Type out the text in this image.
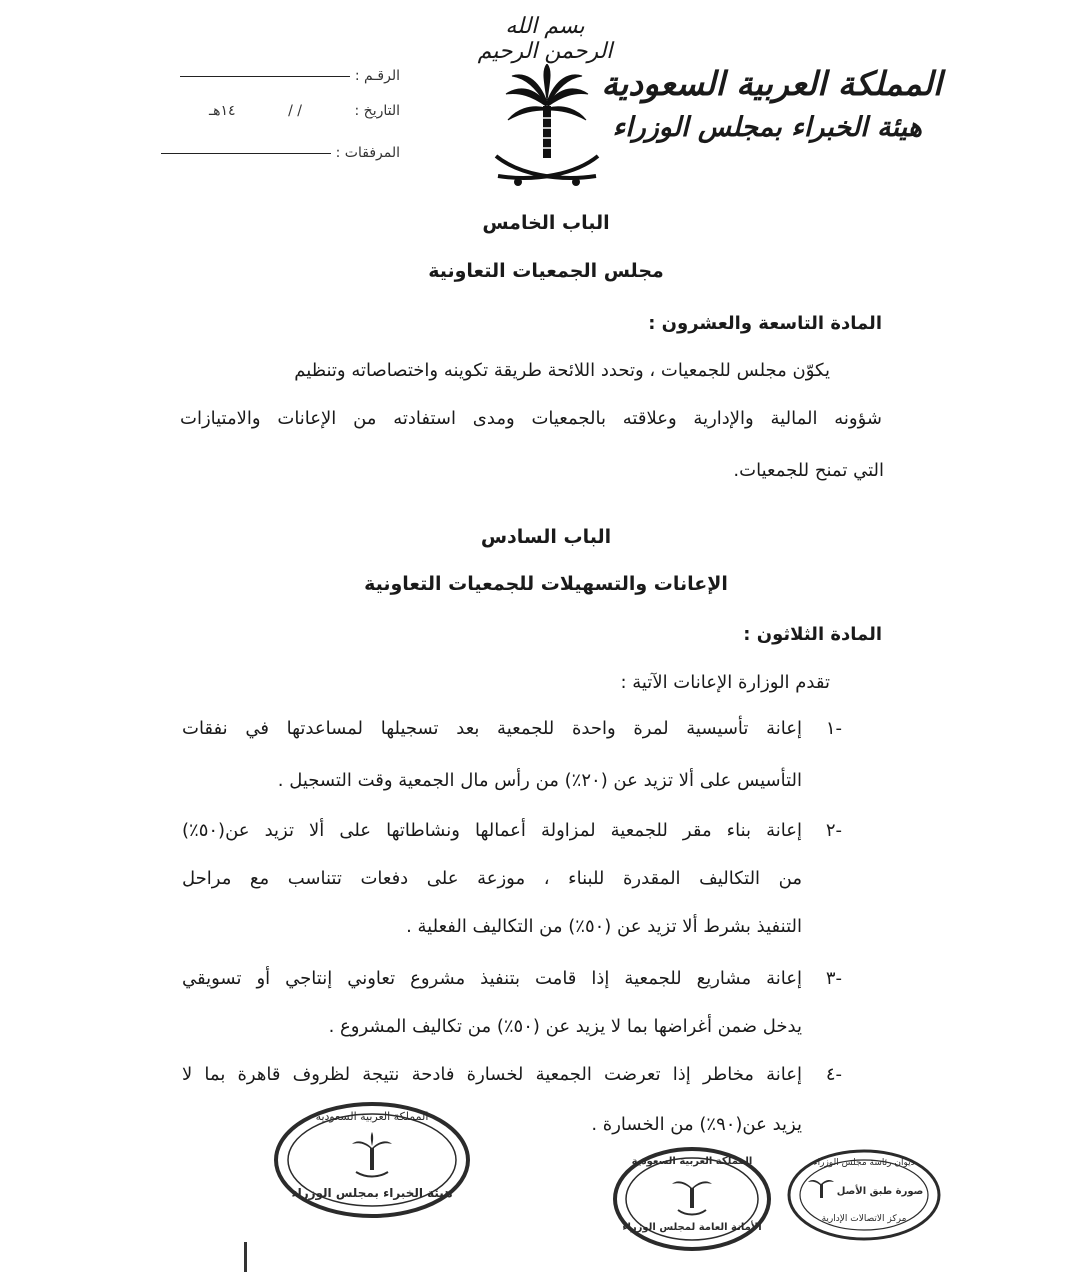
بسم الله الرحمن الرحيم
المملكة العربية السعودية
هيئة الخبراء بمجلس الوزراء
الرقـم :
التاريخ : / / ١٤هـ
المرفقات :
الباب الخامس
مجلس الجمعيات التعاونية
المادة التاسعة والعشرون :
يكوّن مجلس للجمعيات ، وتحدد اللائحة طريقة تكوينه واختصاصاته وتنظيم
شؤونه المالية والإدارية وعلاقته بالجمعيات ومدى استفادته من الإعانات والامتيازات
التي تمنح للجمعيات.
الباب السادس
الإعانات والتسهيلات للجمعيات التعاونية
المادة الثلاثون :
تقدم الوزارة الإعانات الآتية :
١-
إعانة تأسيسية لمرة واحدة للجمعية بعد تسجيلها لمساعدتها في نفقات
التأسيس على ألا تزيد عن (٢٠٪) من رأس مال الجمعية وقت التسجيل .
٢-
إعانة بناء مقر للجمعية لمزاولة أعمالها ونشاطاتها على ألا تزيد عن(٥٠٪)
من التكاليف المقدرة للبناء ، موزعة على دفعات تتناسب مع مراحل
التنفيذ بشرط ألا تزيد عن (٥٠٪) من التكاليف الفعلية .
٣-
إعانة مشاريع للجمعية إذا قامت بتنفيذ مشروع تعاوني إنتاجي أو تسويقي
يدخل ضمن أغراضها بما لا يزيد عن (٥٠٪) من تكاليف المشروع .
٤-
إعانة مخاطر إذا تعرضت الجمعية لخسارة فادحة نتيجة لظروف قاهرة بما لا
يزيد عن(٩٠٪) من الخسارة .
المملكة العربية السعودية
هيئة الخبراء بمجلس الوزراء
المملكة العربية السعودية
الأمانة العامة لمجلس الوزراء
ديوان رئاسة مجلس الوزراء
صورة طبق الأصل
مركز الاتصالات الإدارية
